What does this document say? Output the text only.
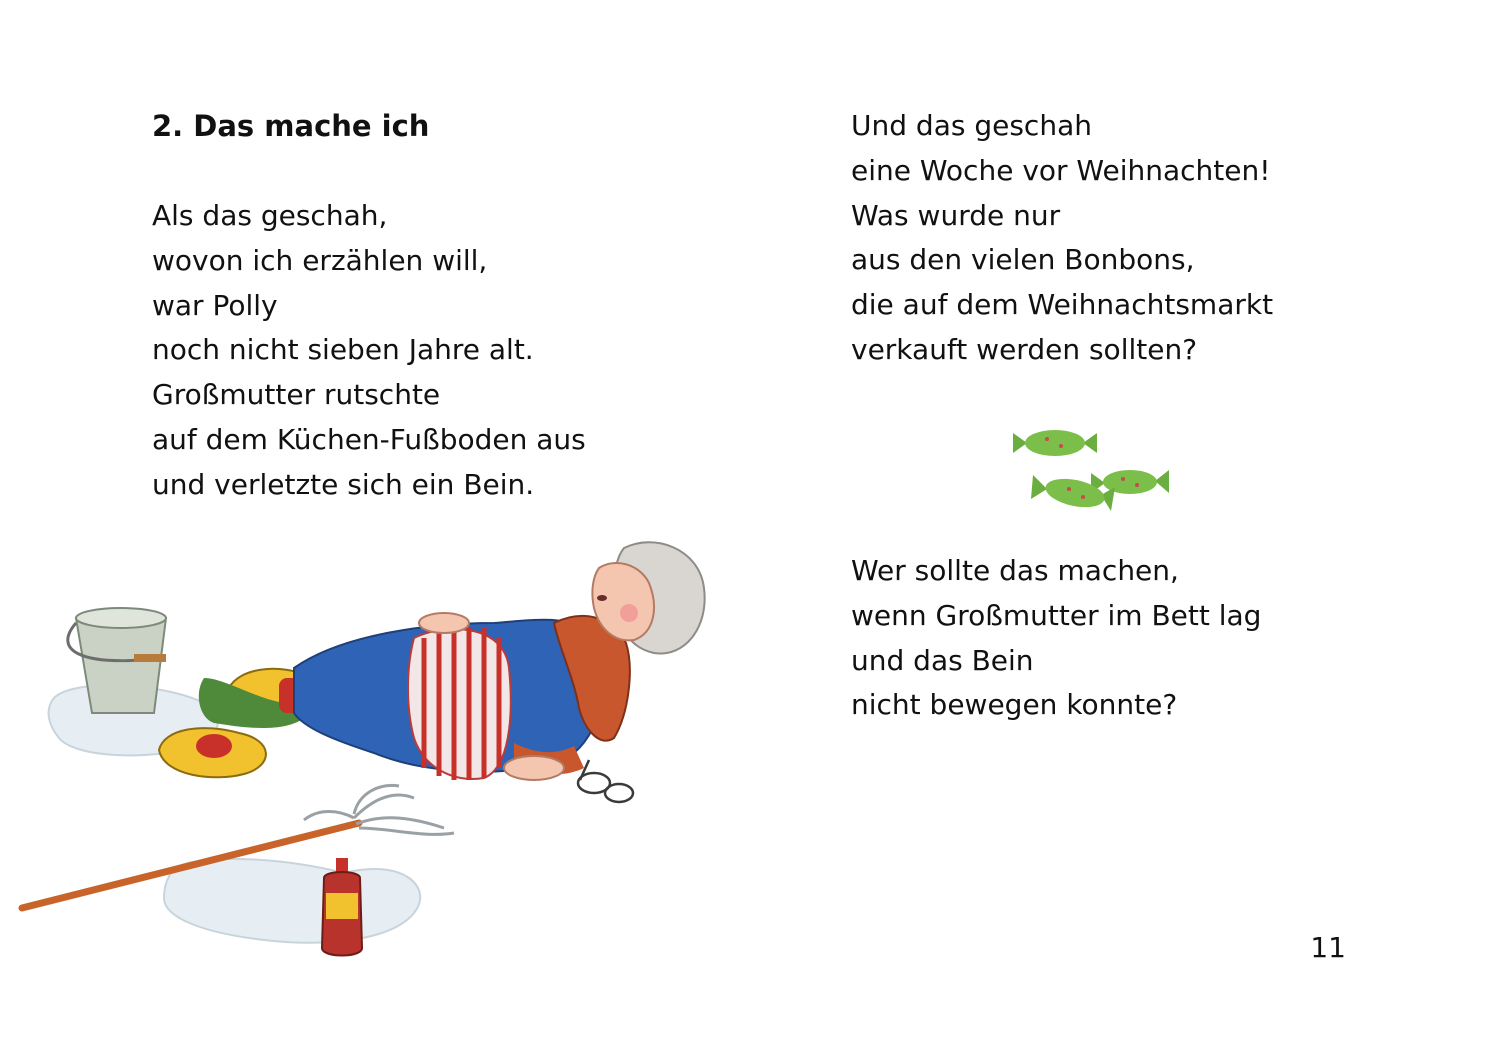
2. Das mache ich

Als das geschah,

wovon ich erzählen will,

war Polly

noch nicht sieben Jahre alt.

Großmutter rutschte

auf dem Küchen-Fußboden aus

und verletzte sich ein Bein.

Und das geschah

eine Woche vor Weihnachten!

Was wurde nur

aus den vielen Bonbons,

die auf dem Weihnachtsmarkt

verkauft werden sollten?

Wer sollte das machen,

wenn Großmutter im Bett lag

und das Bein

nicht bewegen konnte?

11
